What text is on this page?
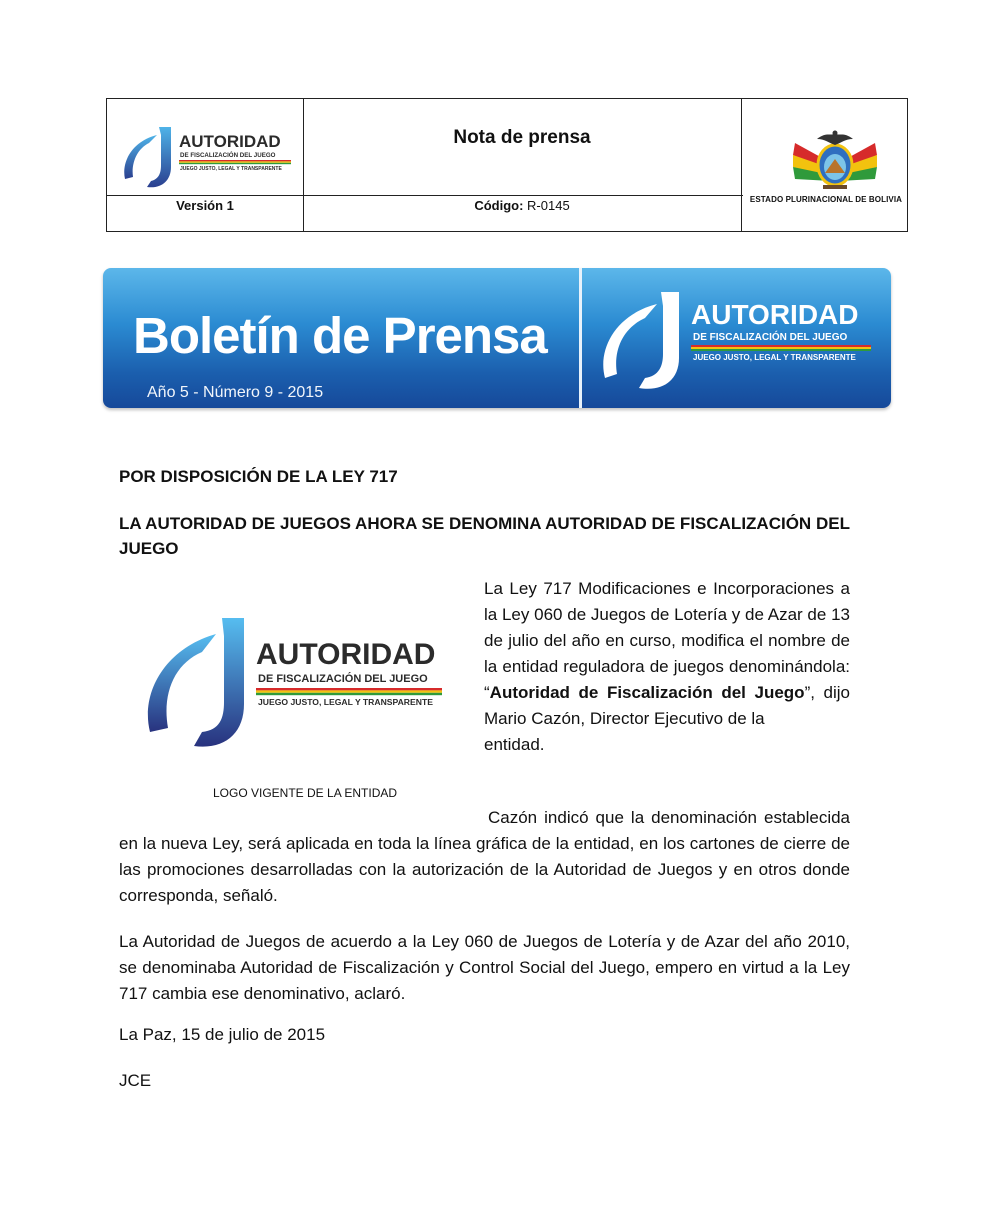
AUTORIDAD
DE FISCALIZACIÓN DEL JUEGO
JUEGO JUSTO, LEGAL Y TRANSPARENTE
Nota de prensa
Versión 1	Código: R-0145	ESTADO PLURINACIONAL DE BOLIVIA
Boletín de Prensa
Año 5 - Número 9 - 2015
AUTORIDAD
DE FISCALIZACIÓN DEL JUEGO
JUEGO JUSTO, LEGAL Y TRANSPARENTE
POR DISPOSICIÓN DE LA LEY 717
LA AUTORIDAD DE JUEGOS AHORA SE DENOMINA AUTORIDAD DE FISCALIZACIÓN DEL JUEGO
AUTORIDAD
DE FISCALIZACIÓN DEL JUEGO
JUEGO JUSTO, LEGAL Y TRANSPARENTE
LOGO VIGENTE DE LA ENTIDAD
La Ley 717 Modificaciones e Incorporaciones a la Ley 060 de Juegos de Lotería y de Azar de 13 de julio del año en curso, modifica el nombre de la entidad reguladora de juegos denominándola: “Autoridad de Fiscalización del Juego”, dijo Mario Cazón, Director Ejecutivo de la
entidad.
Cazón indicó que la denominación establecida en la nueva Ley, será aplicada en toda la línea gráfica de la entidad, en los cartones de cierre de las promociones desarrolladas con la autorización de la Autoridad de Juegos y en otros donde corresponda, señaló.
La Autoridad de Juegos de acuerdo a la Ley 060 de Juegos de Lotería y de Azar del año 2010, se denominaba Autoridad de Fiscalización y Control Social del Juego, empero en virtud a la Ley 717 cambia ese denominativo, aclaró.
La Paz, 15 de julio de 2015
JCE
